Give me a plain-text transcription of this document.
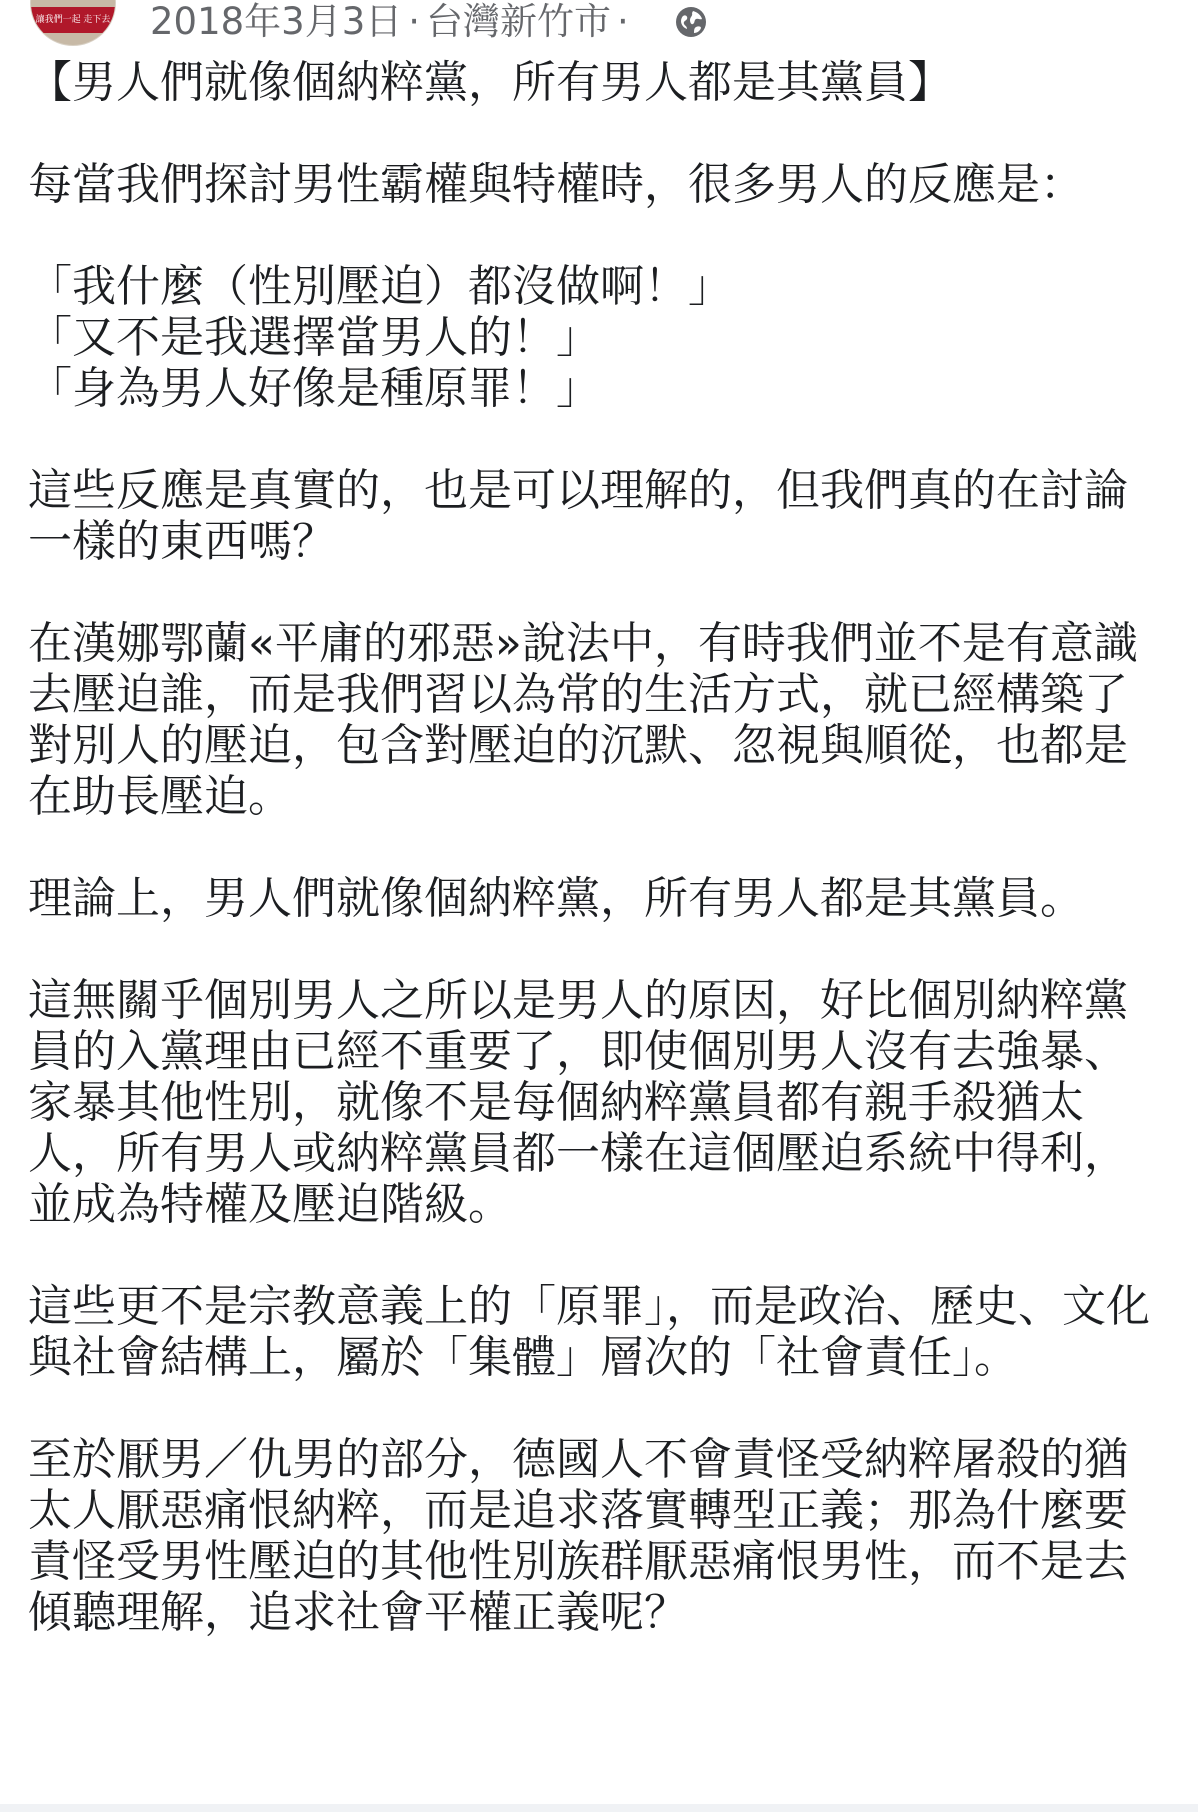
讓我們一起 走下去 2018年3月3日 · 台灣新竹市 ·

【男人們就像個納粹黨，所有男人都是其黨員】

每當我們探討男性霸權與特權時，很多男人的反應是：

「我什麼（性別壓迫）都沒做啊！」
「又不是我選擇當男人的！」
「身為男人好像是種原罪！」

這些反應是真實的，也是可以理解的，但我們真的在討論一樣的東西嗎？

在漢娜鄂蘭«平庸的邪惡»說法中，有時我們並不是有意識去壓迫誰，而是我們習以為常的生活方式，就已經構築了對別人的壓迫，包含對壓迫的沉默、忽視與順從，也都是在助長壓迫。

理論上，男人們就像個納粹黨，所有男人都是其黨員。

這無關乎個別男人之所以是男人的原因，好比個別納粹黨員的入黨理由已經不重要了，即使個別男人沒有去強暴、家暴其他性別，就像不是每個納粹黨員都有親手殺猶太人，所有男人或納粹黨員都一樣在這個壓迫系統中得利，並成為特權及壓迫階級。

這些更不是宗教意義上的「原罪」，而是政治、歷史、文化與社會結構上，屬於「集體」層次的「社會責任」。

至於厭男／仇男的部分，德國人不會責怪受納粹屠殺的猶太人厭惡痛恨納粹，而是追求落實轉型正義；那為什麼要責怪受男性壓迫的其他性別族群厭惡痛恨男性，而不是去傾聽理解，追求社會平權正義呢？
